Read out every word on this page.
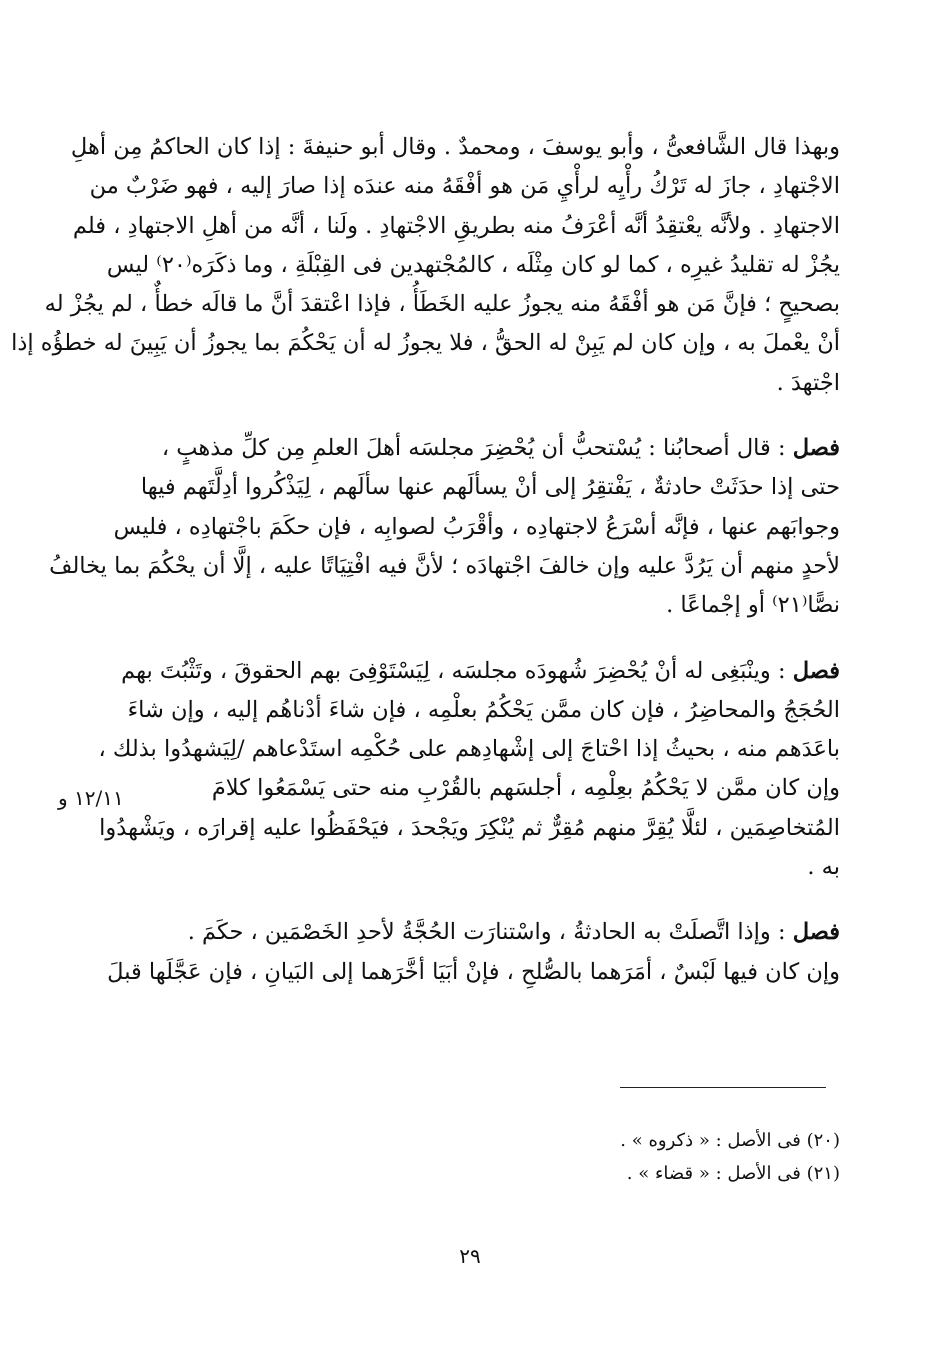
وبهذا قال الشَّافعىُّ ، وأبو يوسفَ ، ومحمدٌ . وقال أبو حنيفةَ : إذا كان الحاكمُ مِن أهلِ
الاجْتهادِ ، جازَ له تَرْكُ رأْيِه لرأْيِ مَن هو أفْقَهُ منه عندَه إذا صارَ إليه ، فهو ضَرْبٌ من
الاجتهادِ . ولأنَّه يعْتقِدُ أنَّه أعْرَفُ منه بطريقِ الاجْتهادِ . ولَنا ، أنَّه من أهلِ الاجتهادِ ، فلم
يجُزْ له تقليدُ غيرِه ، كما لو كان مِثْلَه ، كالمُجْتهدين فى القِبْلَةِ ، وما ذكَرَه⁽٢٠⁾ ليس
بصحيحٍ ؛ فإنَّ مَن هو أفْقَهُ منه يجوزُ عليه الخَطَأُ ، فإذا اعْتقدَ أنَّ ما قالَه خطأٌ ، لم يجُزْ له
أنْ يعْملَ به ، وإن كان لم يَبِنْ له الحقُّ ، فلا يجوزُ له أن يَحْكُمَ بما يجوزُ أن يَبِينَ له خطؤُه إذا
اجْتهدَ .

فصل : قال أصحابُنا : يُسْتحبُّ أن يُحْضِرَ مجلسَه أهلَ العلمِ مِن كلِّ مذهبٍ ،
حتى إذا حدَثَتْ حادثةٌ ، يَفْتقِرُ إلى أنْ يسألَهم عنها سألَهم ، لِيَذْكُروا أدِلَّتَهم فيها
وجوابَهم عنها ، فإنَّه أسْرَعُ لاجتهادِه ، وأقْرَبُ لصوابِه ، فإن حكَمَ باجْتهادِه ، فليس
لأحدٍ منهم أن يَرُدَّ عليه وإن خالفَ اجْتهادَه ؛ لأنَّ فيه افْتِيَاتًا عليه ، إلَّا أن يحْكُمَ بما يخالفُ
نصًّا⁽٢١⁾ أو إجْماعًا .

فصل : وينْبَغِى له أنْ يُحْضِرَ شُهودَه مجلسَه ، لِيَسْتَوْفِىَ بهم الحقوقَ ، وتَثْبُتَ بهم
الحُجَجُ والمحاضِرُ ، فإن كان ممَّن يَحْكُمُ بعلْمِه ، فإن شاءَ أدْناهُم إليه ، وإن شاءَ
باعَدَهم منه ، بحيثُ إذا احْتاجَ إلى إشْهادِهم على حُكْمِه استَدْعاهم /لِيَشهدُوا بذلك ،
وإن كان ممَّن لا يَحْكُمُ بعِلْمِه ، أجلسَهم بالقُرْبِ منه حتى يَسْمَعُوا كلامَ
المُتخاصِمَين ، لئلَّا يُقِرَّ منهم مُقِرٌّ ثم يُنْكِرَ ويَجْحدَ ، فيَحْفَظُوا عليه إقرارَه ، ويَشْهدُوا
به .

فصل : وإذا اتَّصلَتْ به الحادثةُ ، واسْتنارَت الحُجَّةُ لأحدِ الخَصْمَين ، حكَمَ .
وإن كان فيها لَبْسٌ ، أمَرَهما بالصُّلحِ ، فإنْ أبَيَا أخَّرَهما إلى البَيانِ ، فإن عَجَّلَها قبلَ

١٢/١١ و
(٢٠) فى الأصل : « ذكروه » .
(٢١) فى الأصل : « قضاء » .
٢٩
